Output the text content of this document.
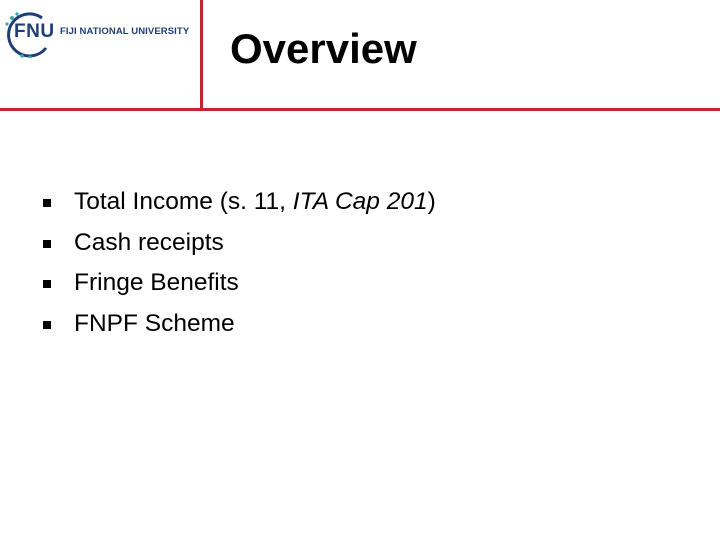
FNU FIJI NATIONAL UNIVERSITY Overview
Total Income (s. 11, ITA Cap 201)
Cash receipts
Fringe Benefits
FNPF Scheme
